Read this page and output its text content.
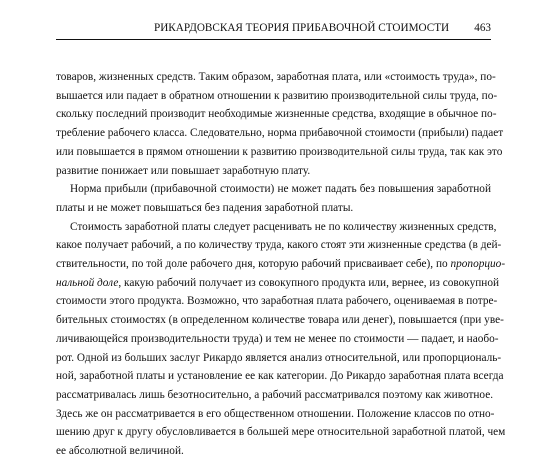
РИКАРДОВСКАЯ ТЕОРИЯ ПРИБАВОЧНОЙ СТОИМОСТИ 463
товаров, жизненных средств. Таким образом, заработная плата, или «стоимость труда», по-
вышается или падает в обратном отношении к развитию производительной силы труда, по-
скольку последний производит необходимые жизненные средства, входящие в обычное по-
требление рабочего класса. Следовательно, норма прибавочной стоимости (прибыли) падает
или повышается в прямом отношении к развитию производительной силы труда, так как это
развитие понижает или повышает заработную плату.
Норма прибыли (прибавочной стоимости) не может падать без повышения заработной
платы и не может повышаться без падения заработной платы.
Стоимость заработной платы следует расценивать не по количеству жизненных средств,
какое получает рабочий, а по количеству труда, какого стоят эти жизненные средства (в дей-
ствительности, по той доле рабочего дня, которую рабочий присваивает себе), по пропорцио-
нальной доле, какую рабочий получает из совокупного продукта или, вернее, из совокупной
стоимости этого продукта. Возможно, что заработная плата рабочего, оцениваемая в потре-
бительных стоимостях (в определенном количестве товара или денег), повышается (при уве-
личивающейся производительности труда) и тем не менее по стоимости — падает, и наобо-
рот. Одной из больших заслуг Рикардо является анализ относительной, или пропорциональ-
ной, заработной платы и установление ее как категории. До Рикардо заработная плата всегда
рассматривалась лишь безотносительно, а рабочий рассматривался поэтому как животное.
Здесь же он рассматривается в его общественном отношении. Положение классов по отно-
шению друг к другу обусловливается в большей мере относительной заработной платой, чем
ее абсолютной величиной.
